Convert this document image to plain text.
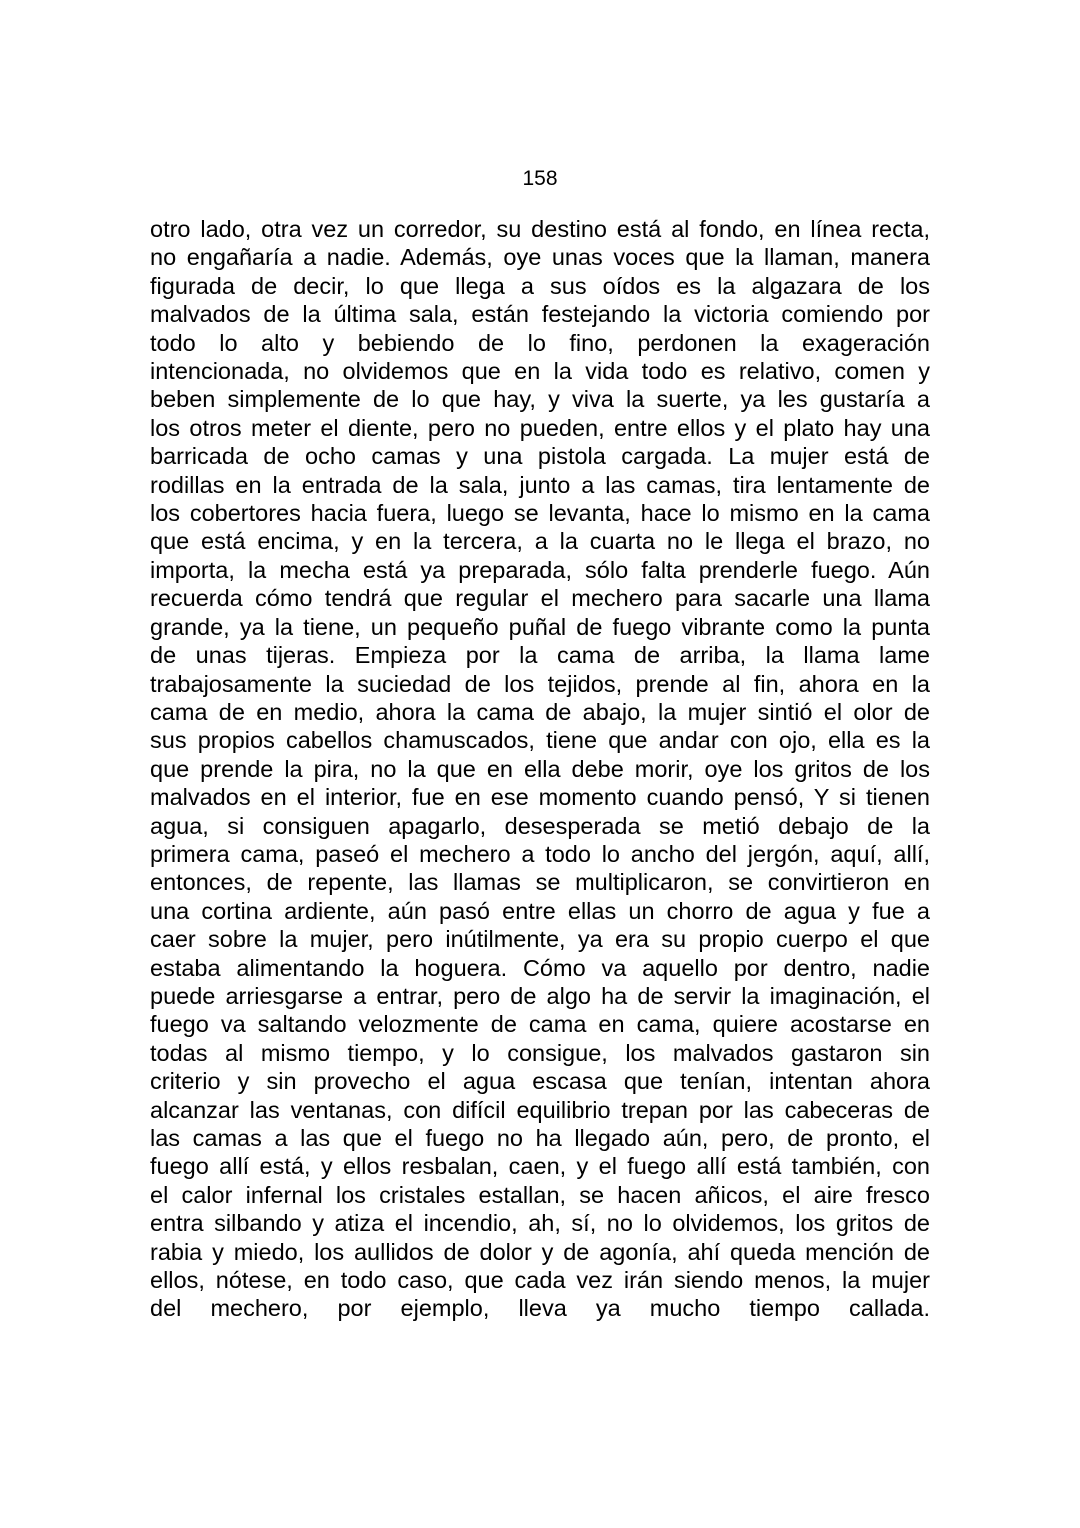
158
otro lado, otra vez un corredor, su destino está al fondo, en línea recta,
no engañaría a nadie. Además, oye unas voces que la llaman, manera
figurada de decir, lo que llega a sus oídos es la algazara de los
malvados de la última sala, están festejando la victoria comiendo por
todo lo alto y bebiendo de lo fino, perdonen la exageración
intencionada, no olvidemos que en la vida todo es relativo, comen y
beben simplemente de lo que hay, y viva la suerte, ya les gustaría a
los otros meter el diente, pero no pueden, entre ellos y el plato hay una
barricada de ocho camas y una pistola cargada. La mujer está de
rodillas en la entrada de la sala, junto a las camas, tira lentamente de
los cobertores hacia fuera, luego se levanta, hace lo mismo en la cama
que está encima, y en la tercera, a la cuarta no le llega el brazo, no
importa, la mecha está ya preparada, sólo falta prenderle fuego. Aún
recuerda cómo tendrá que regular el mechero para sacarle una llama
grande, ya la tiene, un pequeño puñal de fuego vibrante como la punta
de unas tijeras. Empieza por la cama de arriba, la llama lame
trabajosamente la suciedad de los tejidos, prende al fin, ahora en la
cama de en medio, ahora la cama de abajo, la mujer sintió el olor de
sus propios cabellos chamuscados, tiene que andar con ojo, ella es la
que prende la pira, no la que en ella debe morir, oye los gritos de los
malvados en el interior, fue en ese momento cuando pensó, Y si tienen
agua, si consiguen apagarlo, desesperada se metió debajo de la
primera cama, paseó el mechero a todo lo ancho del jergón, aquí, allí,
entonces, de repente, las llamas se multiplicaron, se convirtieron en
una cortina ardiente, aún pasó entre ellas un chorro de agua y fue a
caer sobre la mujer, pero inútilmente, ya era su propio cuerpo el que
estaba alimentando la hoguera. Cómo va aquello por dentro, nadie
puede arriesgarse a entrar, pero de algo ha de servir la imaginación, el
fuego va saltando velozmente de cama en cama, quiere acostarse en
todas al mismo tiempo, y lo consigue, los malvados gastaron sin
criterio y sin provecho el agua escasa que tenían, intentan ahora
alcanzar las ventanas, con difícil equilibrio trepan por las cabeceras de
las camas a las que el fuego no ha llegado aún, pero, de pronto, el
fuego allí está, y ellos resbalan, caen, y el fuego allí está también, con
el calor infernal los cristales estallan, se hacen añicos, el aire fresco
entra silbando y atiza el incendio, ah, sí, no lo olvidemos, los gritos de
rabia y miedo, los aullidos de dolor y de agonía, ahí queda mención de
ellos, nótese, en todo caso, que cada vez irán siendo menos, la mujer
del mechero, por ejemplo, lleva ya mucho tiempo callada.
